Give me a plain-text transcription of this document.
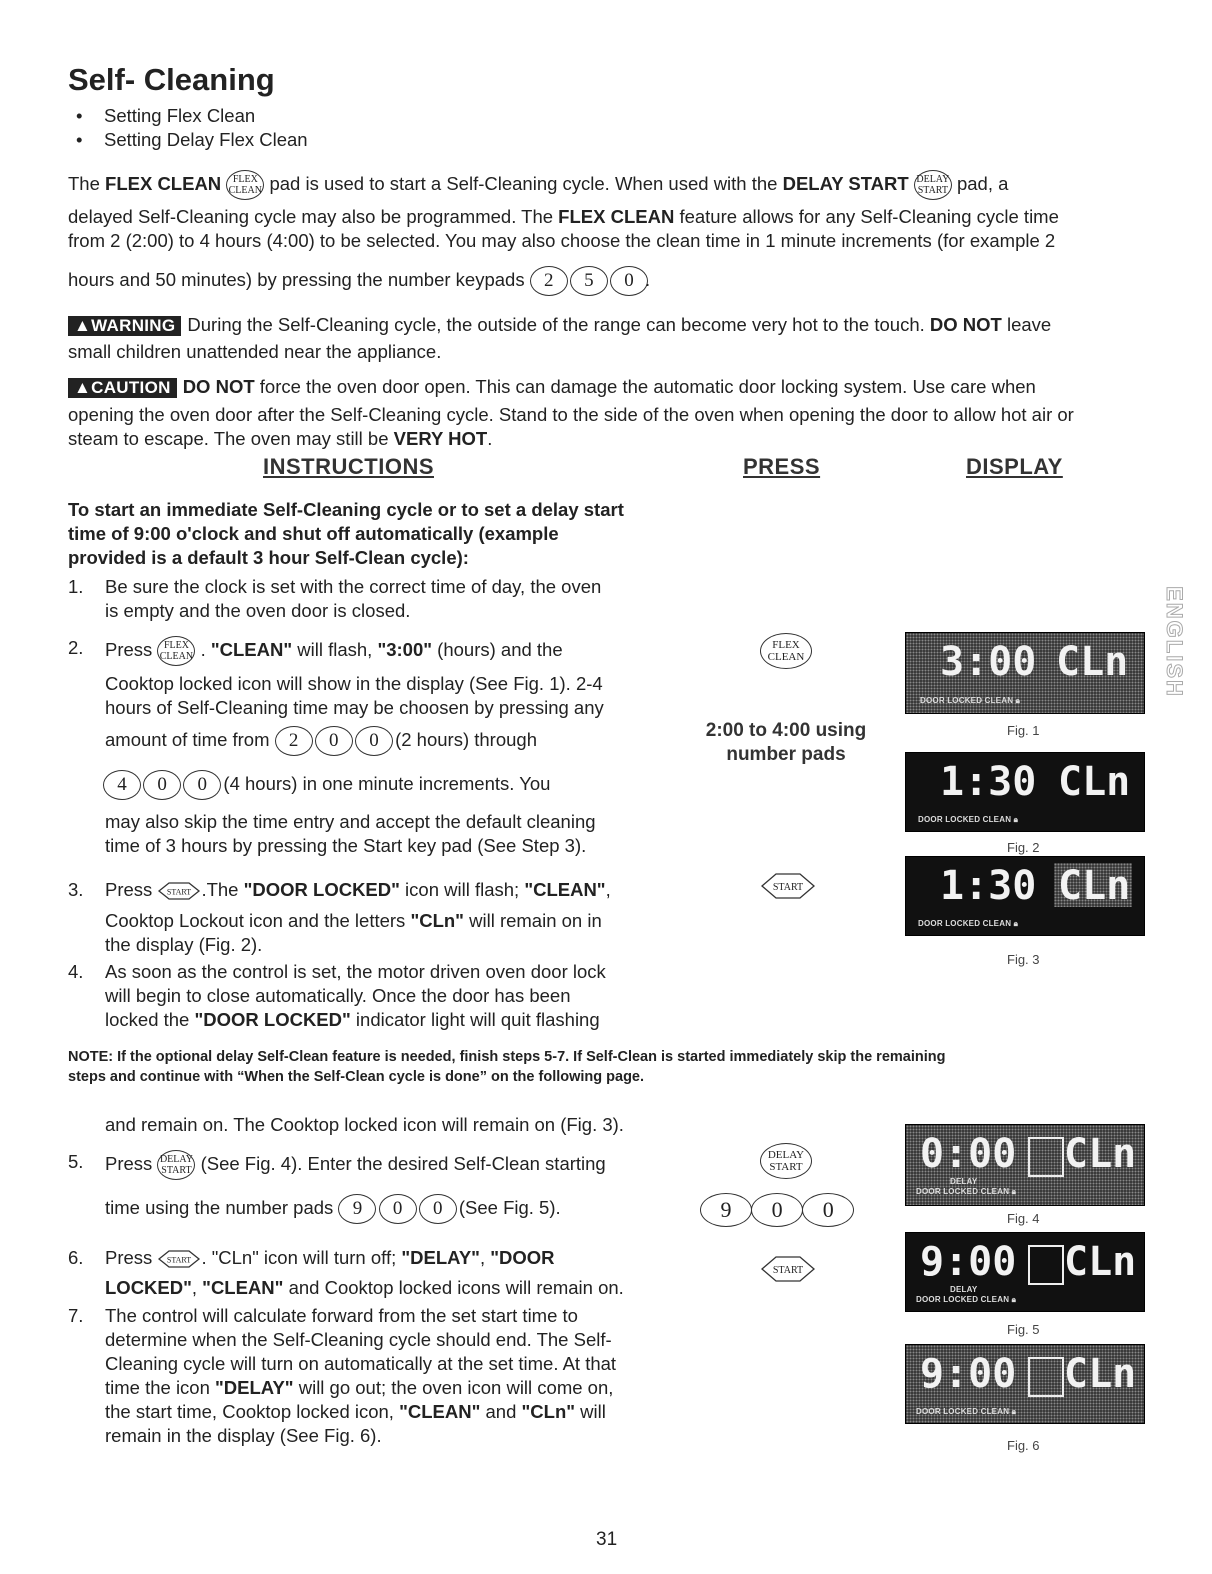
Self- Cleaning
• Setting Flex Clean
• Setting Delay Flex Clean
The FLEX CLEAN	FLEX
CLEAN pad is used to start a Self-Cleaning cycle. When used with the DELAY START DELAY
START pad, a
delayed Self-Cleaning cycle may also be programmed. The FLEX CLEAN feature allows for any Self-Cleaning cycle time
from 2 (2:00) to 4 hours (4:00) to be selected. You may also choose the clean time in 1 minute increments (for example 2
hours and 50 minutes) by pressing the number keypads 2 5 0 .
▲WARNING During the Self-Cleaning cycle, the outside of the range can become very hot to the touch. DO NOT leave
small children unattended near the appliance.
▲CAUTION DO NOT force the oven door open. This can damage the automatic door locking system. Use care when
opening the oven door after the Self-Cleaning cycle. Stand to the side of the oven when opening the door to allow hot air or
steam to escape. The oven may still be VERY HOT.
INSTRUCTIONS	PRESS	DISPLAY
To start an immediate Self-Cleaning cycle or to set a delay start
time of 9:00 o'clock and shut off automatically (example
provided is a default 3 hour Self-Clean cycle):
1. Be sure the clock is set with the correct time of day, the oven
is empty and the oven door is closed.
2. Press	FLEX
CLEAN . "CLEAN" will flash, "3:00" (hours) and the
Cooktop locked icon will show in the display (See Fig. 1). 2-4
hours of Self-Cleaning time may be choosen by pressing any
amount of time from 2 0 0 (2 hours) through
4 0 0 (4 hours) in one minute increments. You
may also skip the time entry and accept the default cleaning
time of 3 hours by pressing the Start key pad (See Step 3).
3. Press START .The "DOOR LOCKED" icon will flash; "CLEAN",
Cooktop Lockout icon and the letters "CLn" will remain on in
the display (Fig. 2).
4. As soon as the control is set, the motor driven oven door lock
will begin to close automatically. Once the door has been
locked the "DOOR LOCKED" indicator light will quit flashing
NOTE: If the optional delay Self-Clean feature is needed, finish steps 5-7. If Self-Clean is started immediately skip the remaining
steps and continue with “When the Self-Clean cycle is done” on the following page.
and remain on. The Cooktop locked icon will remain on (Fig. 3).
5. Press DELAY
START (See Fig. 4). Enter the desired Self-Clean starting
time using the number pads 9 0 0 (See Fig. 5).
6. Press START . "CLn" icon will turn off; "DELAY", "DOOR
LOCKED", "CLEAN" and Cooktop locked icons will remain on.
7. The control will calculate forward from the set start time to
determine when the Self-Cleaning cycle should end. The Self-
Cleaning cycle will turn on automatically at the set time. At that
time the icon "DELAY" will go out; the oven icon will come on,
the start time, Cooktop locked icon, "CLEAN" and "CLn" will
remain in the display (See Fig. 6).
FLEX
CLEAN
2:00 to 4:00 using
number pads
START
DELAY
START
9 0 0
START
3:00 CLn
DOOR LOCKED CLEAN 🔒︎
Fig. 1
1:30 CLn
DOOR LOCKED CLEAN 🔒︎
Fig. 2
1:30 CLn
DOOR LOCKED CLEAN 🔒︎
Fig. 3
0:00 CLn
DELAY
DOOR LOCKED CLEAN 🔒︎
Fig. 4
9:00 CLn
DELAY
DOOR LOCKED CLEAN 🔒︎
Fig. 5
9:00 CLn
DOOR LOCKED CLEAN 🔒︎
Fig. 6
ENGLISH
31
